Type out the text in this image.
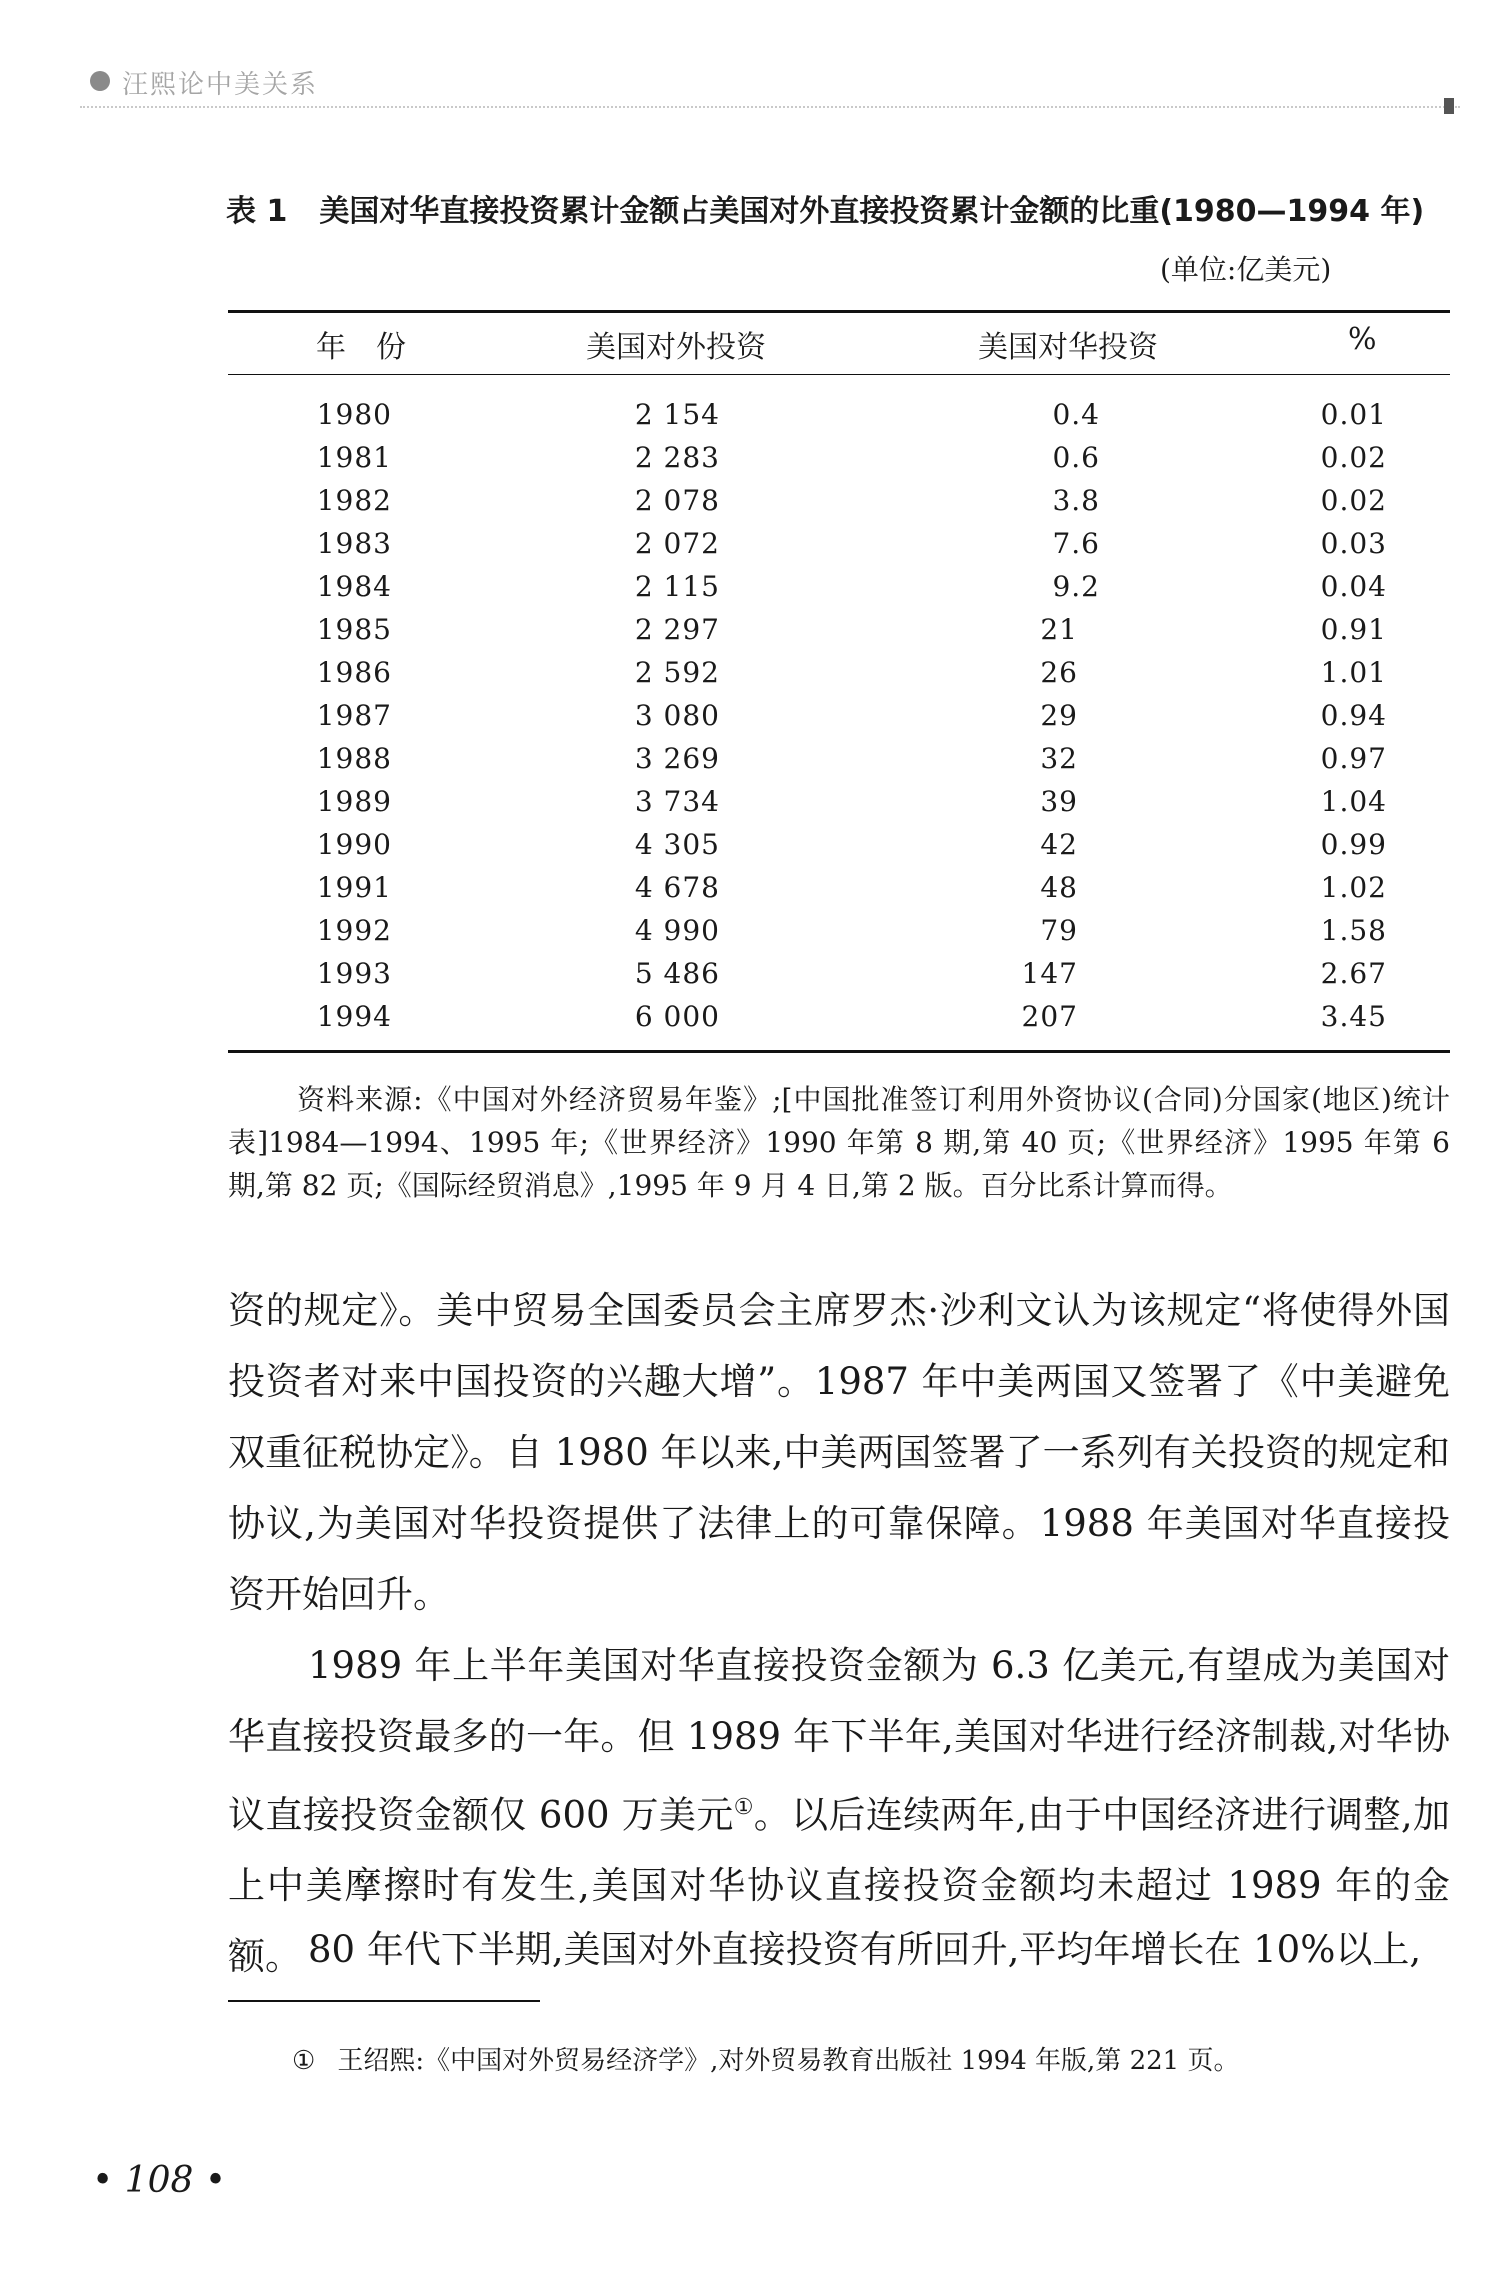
汪熙论中美关系
表 1 美国对华直接投资累计金额占美国对外直接投资累计金额的比重(1980—1994 年)
(单位:亿美元)
年　份	美国对外投资	美国对华投资	%
1980	2 154	0.4	0.01
1981	2 283	0.6	0.02
1982	2 078	3.8	0.02
1983	2 072	7.6	0.03
1984	2 115	9.2	0.04
1985	2 297	21	0.91
1986	2 592	26	1.01
1987	3 080	29	0.94
1988	3 269	32	0.97
1989	3 734	39	1.04
1990	4 305	42	0.99
1991	4 678	48	1.02
1992	4 990	79	1.58
1993	5 486	147	2.67
1994	6 000	207	3.45
资料来源:《中国对外经济贸易年鉴》;[中国批准签订利用外资协议(合同)分国家(地区)统计表]1984—1994、1995 年;《世界经济》1990 年第 8 期,第 40 页;《世界经济》1995 年第 6 期,第 82 页;《国际经贸消息》,1995 年 9 月 4 日,第 2 版。百分比系计算而得。
资的规定》。美中贸易全国委员会主席罗杰·沙利文认为该规定“将使得外国投资者对来中国投资的兴趣大增”。1987 年中美两国又签署了《中美避免双重征税协定》。自 1980 年以来,中美两国签署了一系列有关投资的规定和协议,为美国对华投资提供了法律上的可靠保障。1988 年美国对华直接投资开始回升。
1989 年上半年美国对华直接投资金额为 6.3 亿美元,有望成为美国对华直接投资最多的一年。但 1989 年下半年,美国对华进行经济制裁,对华协议直接投资金额仅 600 万美元①。以后连续两年,由于中国经济进行调整,加上中美摩擦时有发生,美国对华协议直接投资金额均未超过 1989 年的金额。 80 年代下半期,美国对外直接投资有所回升,平均年增长在 10%以上,
① 王绍熙:《中国对外贸易经济学》,对外贸易教育出版社 1994 年版,第 221 页。
• 108 •
